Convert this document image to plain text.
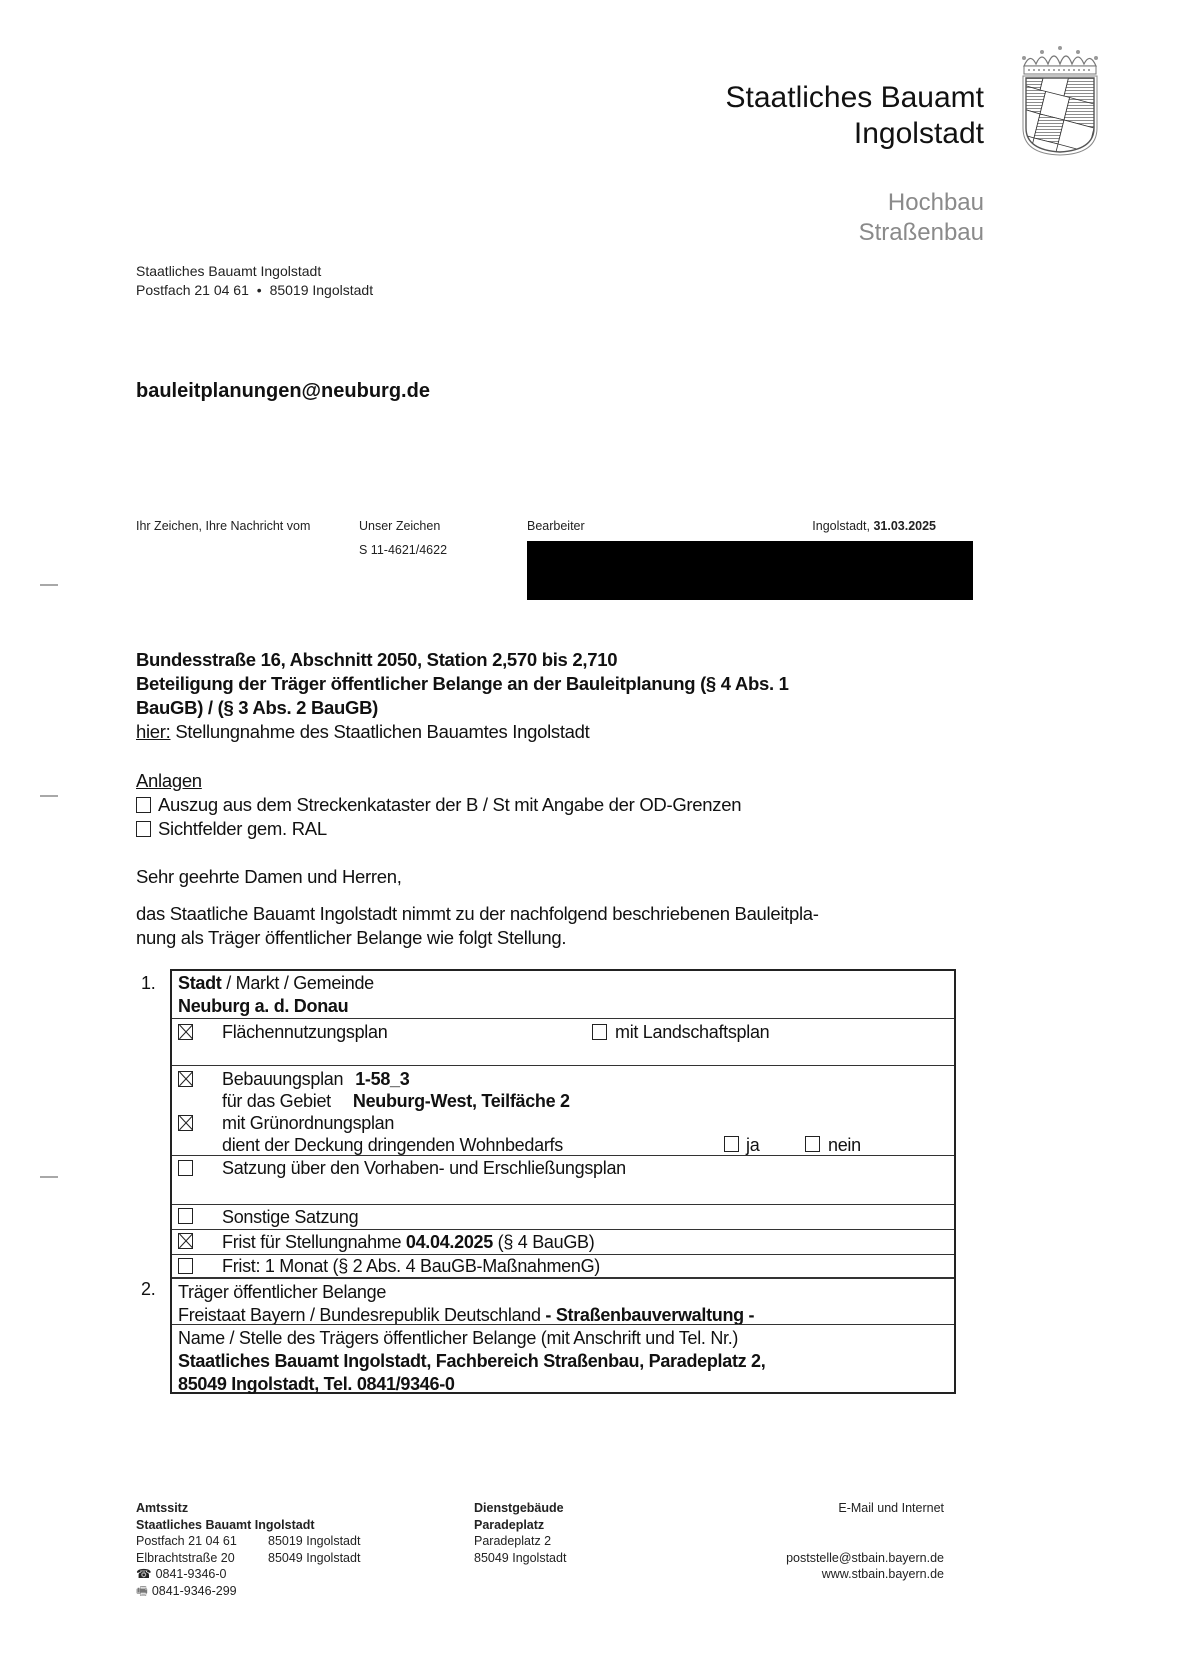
Staatliches Bauamt
Ingolstadt
Hochbau
Straßenbau
Staatliches Bauamt Ingolstadt
Postfach 21 04 61 • 85019 Ingolstadt
bauleitplanungen@neuburg.de
Ihr Zeichen, Ihre Nachricht vom	Unser Zeichen
S 11-4621/4622
Bearbeiter	Ingolstadt, 31.03.2025
Bundesstraße 16, Abschnitt 2050, Station 2,570 bis 2,710
Beteiligung der Träger öffentlicher Belange an der Bauleitplanung (§ 4 Abs. 1
BauGB) / (§ 3 Abs. 2 BauGB)
hier: Stellungnahme des Staatlichen Bauamtes Ingolstadt
Anlagen
Auszug aus dem Streckenkataster der B / St mit Angabe der OD-Grenzen
Sichtfelder gem. RAL
Sehr geehrte Damen und Herren,
das Staatliche Bauamt Ingolstadt nimmt zu der nachfolgend beschriebenen Bauleitpla-
nung als Träger öffentlicher Belange wie folgt Stellung.
1.
2.
Stadt / Markt / Gemeinde
Neuburg a. d. Donau
Flächennutzungsplan	mit Landschaftsplan
Bebauungsplan 1-58_3
für das Gebiet Neuburg-West, Teilfäche 2
mit Grünordnungsplan
dient der Deckung dringenden Wohnbedarfs	ja	nein
Satzung über den Vorhaben- und Erschließungsplan
Sonstige Satzung
Frist für Stellungnahme 04.04.2025 (§ 4 BauGB)
Frist: 1 Monat (§ 2 Abs. 4 BauGB-MaßnahmenG)
Träger öffentlicher Belange
Freistaat Bayern / Bundesrepublik Deutschland - Straßenbauverwaltung -
Name / Stelle des Trägers öffentlicher Belange (mit Anschrift und Tel. Nr.)
Staatliches Bauamt Ingolstadt, Fachbereich Straßenbau, Paradeplatz 2,
85049 Ingolstadt, Tel. 0841/9346-0
Amtssitz
Staatliches Bauamt Ingolstadt
Postfach 21 04 61 85019 Ingolstadt
Elbrachtstraße 20	85049 Ingolstadt
☎ 0841-9346-0
🖷 0841-9346-299
Dienstgebäude
Paradeplatz
Paradeplatz 2
85049 Ingolstadt
E-Mail und Internet
poststelle@stbain.bayern.de
www.stbain.bayern.de
